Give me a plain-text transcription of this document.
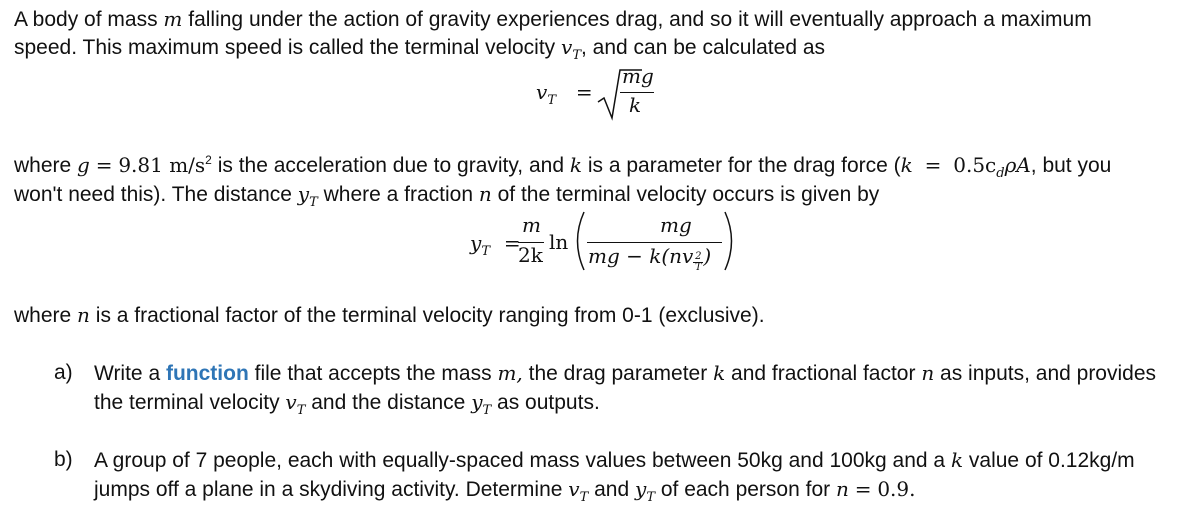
A body of mass m falling under the action of gravity experiences drag, and so it will eventually approach a maximum
speed. This maximum speed is called the terminal velocity $v_T$, and can be calculated as
$v_T$ =
mg
k
where g = 9.81 $m/s^2$ is the acceleration due to gravity, and k is a parameter for the drag force ($k = 0.5c_d\rho A$, but you
won't need this). The distance $y_T$ where a fraction n of the terminal velocity occurs is given by
$y_T$ =
m
2k
ln
mg
mg − $k(nv \frac{2}{T}$ )
where n is a fractional factor of the terminal velocity ranging from 0-1 (exclusive).
a) Write a function file that accepts the mass m, the drag parameter k and fractional factor n as inputs, and provides
the terminal velocity $v_T$ and the distance $y_T$ as outputs.
b) A group of 7 people, each with equally-spaced mass values between 50kg and 100kg and a k value of 0.12kg/m
jumps off a plane in a skydiving activity. Determine $v_T$ and $y_T$ of each person for n = 0.9.
